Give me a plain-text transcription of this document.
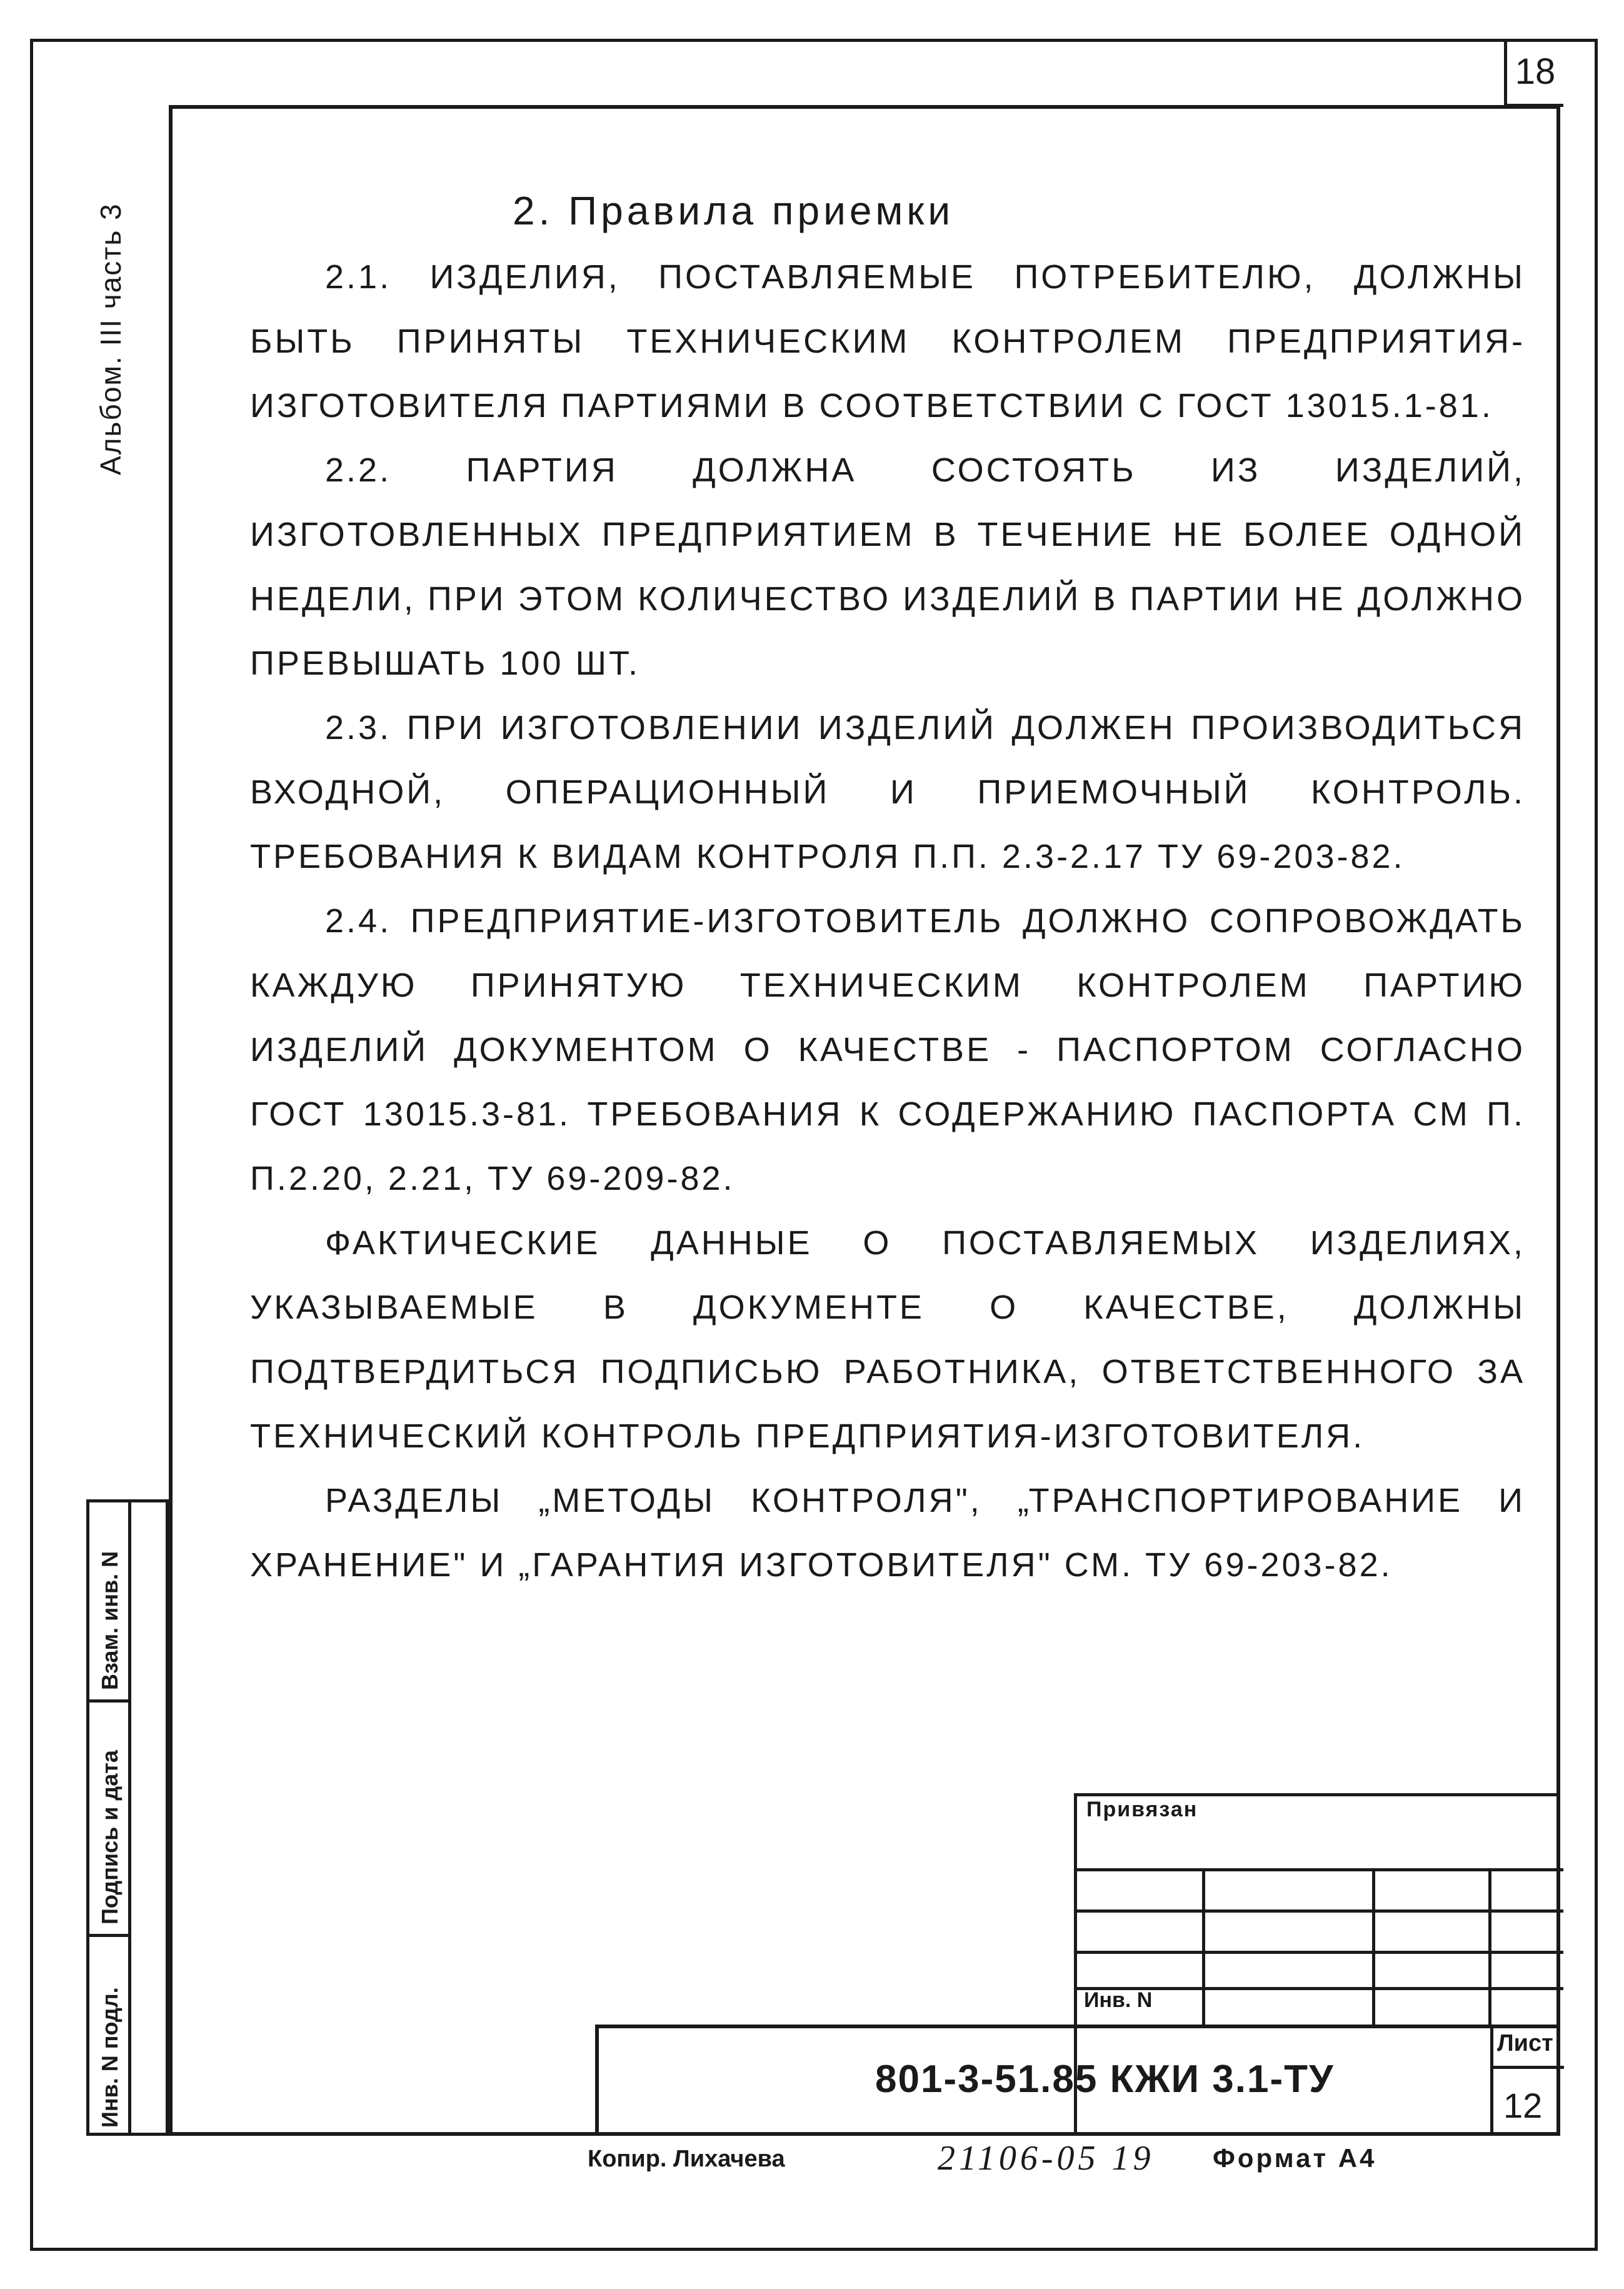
18
Альбом. III часть 3
Взам. инв. N
Подпись и дата
Инв. N подл.
2. Правила приемки

2.1. ИЗДЕЛИЯ, ПОСТАВЛЯЕМЫЕ ПОТРЕБИТЕЛЮ, ДОЛЖНЫ БЫТЬ ПРИНЯТЫ ТЕХНИЧЕСКИМ КОНТРОЛЕМ ПРЕДПРИЯТИЯ-ИЗГОТОВИТЕЛЯ ПАРТИЯМИ В СООТВЕТСТВИИ С ГОСТ 13015.1-81.

2.2. ПАРТИЯ ДОЛЖНА СОСТОЯТЬ ИЗ ИЗДЕЛИЙ, ИЗГОТОВЛЕННЫХ ПРЕДПРИЯТИЕМ В ТЕЧЕНИЕ НЕ БОЛЕЕ ОДНОЙ НЕДЕЛИ, ПРИ ЭТОМ КОЛИЧЕСТВО ИЗДЕЛИЙ В ПАРТИИ НЕ ДОЛЖНО ПРЕВЫШАТЬ 100 ШТ.

2.3. ПРИ ИЗГОТОВЛЕНИИ ИЗДЕЛИЙ ДОЛЖЕН ПРОИЗВОДИТЬСЯ ВХОДНОЙ, ОПЕРАЦИОННЫЙ И ПРИЕМОЧНЫЙ КОНТРОЛЬ. ТРЕБОВАНИЯ К ВИДАМ КОНТРОЛЯ П.П. 2.3-2.17 ТУ 69-203-82.

2.4. ПРЕДПРИЯТИЕ-ИЗГОТОВИТЕЛЬ ДОЛЖНО СОПРОВОЖДАТЬ КАЖДУЮ ПРИНЯТУЮ ТЕХНИЧЕСКИМ КОНТРОЛЕМ ПАРТИЮ ИЗДЕЛИЙ ДОКУМЕНТОМ О КАЧЕСТВЕ - ПАСПОРТОМ СОГЛАСНО ГОСТ 13015.3-81. ТРЕБОВАНИЯ К СОДЕРЖАНИЮ ПАСПОРТА СМ П. П.2.20, 2.21, ТУ 69-209-82.

ФАКТИЧЕСКИЕ ДАННЫЕ О ПОСТАВЛЯЕМЫХ ИЗДЕЛИЯХ, УКАЗЫВАЕМЫЕ В ДОКУМЕНТЕ О КАЧЕСТВЕ, ДОЛЖНЫ ПОДТВЕРДИТЬСЯ ПОДПИСЬЮ РАБОТНИКА, ОТВЕТСТВЕННОГО ЗА ТЕХНИЧЕСКИЙ КОНТРОЛЬ ПРЕДПРИЯТИЯ-ИЗГОТОВИТЕЛЯ.

РАЗДЕЛЫ „МЕТОДЫ КОНТРОЛЯ", „ТРАНСПОРТИРОВАНИЕ И ХРАНЕНИЕ" И „ГАРАНТИЯ ИЗГОТОВИТЕЛЯ" СМ. ТУ 69-203-82.

Привязан
Инв. N
801-3-51.85 КЖИ 3.1-ТУ
Лист
12
Копир. Лихачева	21106-05 19 Формат А4
